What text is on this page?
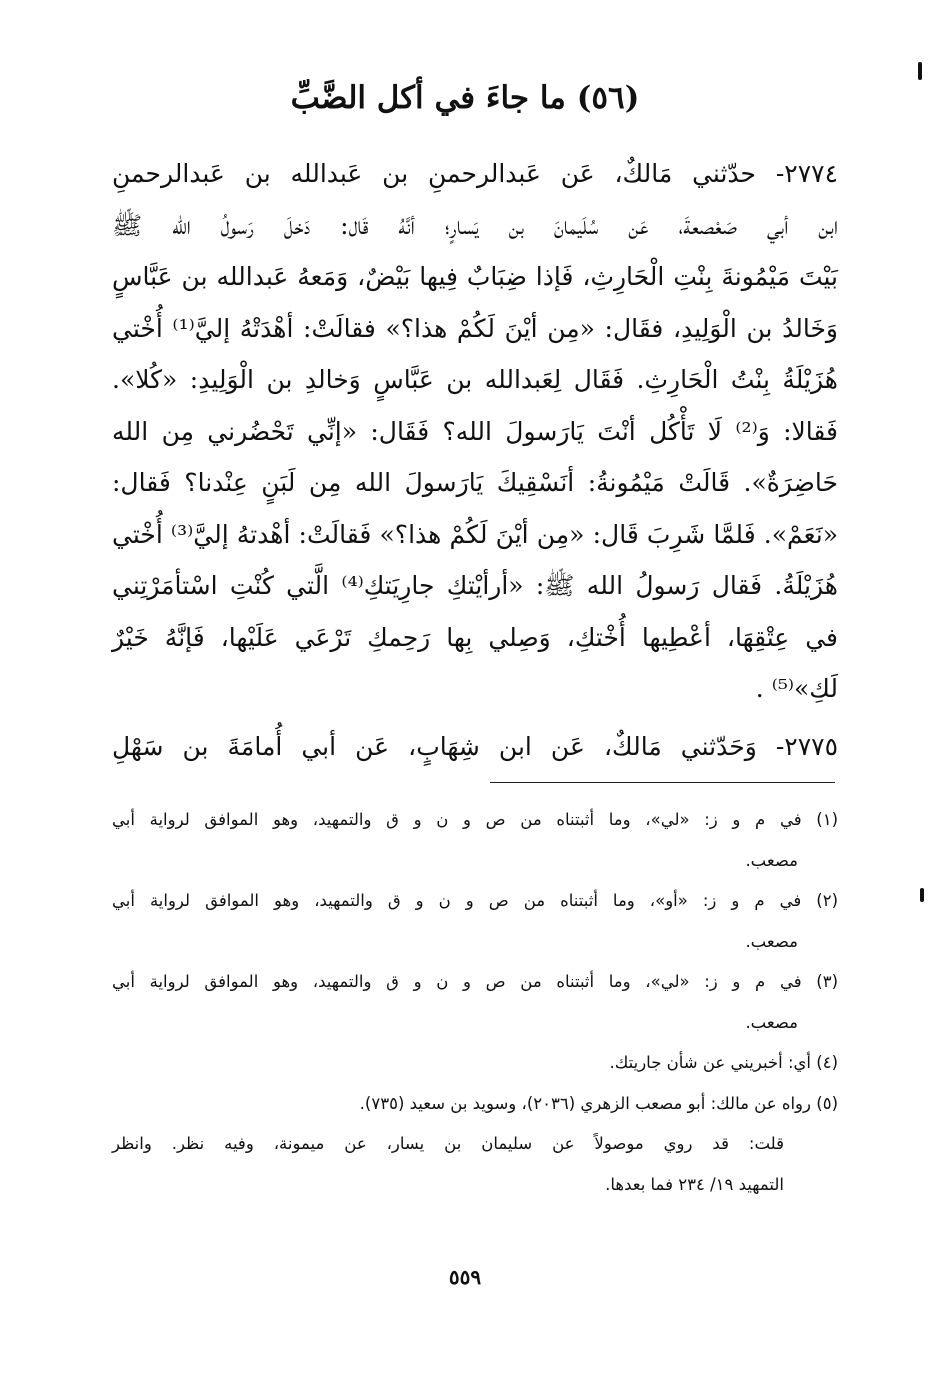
(٥٦) ما جاءَ في أكل الضَّبِّ
٢٧٧٤- حدّثني مَالكٌ، عَن عَبدالرحمنِ بن عَبدالله بن عَبدالرحمنِ
ابن أبي صَعْصعةَ، عَن سُلَيمانَ بن يَسارٍ؛ أنَّهُ قَال: دَخلَ رَسولُ الله ﷺ
بَيْتَ مَيْمُونةَ بِنْتِ الْحَارِثِ، فَإذا ضِبَابٌ فِيها بَيْضٌ، وَمَعهُ عَبدالله بن عَبَّاسٍ
وَخَالدُ بن الْوَلِيدِ، فقَال: «مِن أيْنَ لَكُمْ هذا؟» فقالَتْ: أهْدَتْهُ إليَّ⁽¹⁾ أُخْتي
هُزَيْلَةُ بِنْتُ الْحَارِثِ. فَقَال لِعَبدالله بن عَبَّاسٍ وَخالدِ بن الْوَلِيدِ: «كُلا».
فَقالا: وَ⁽²⁾ لَا تَأْكُل أنْتَ يَارَسولَ الله؟ فَقَال: «إنِّي تَحْضُرني مِن الله
حَاضِرَةٌ». قَالَتْ مَيْمُونةُ: أنَسْقِيكَ يَارَسولَ الله مِن لَبَنٍ عِنْدنا؟ فَقال:
«نَعَمْ». فَلمَّا شَرِبَ قَال: «مِن أيْنَ لَكُمْ هذا؟» فَقالَتْ: أهْدتهُ إليَّ⁽³⁾ أُخْتي
هُزَيْلَةُ. فَقال رَسولُ الله ﷺ: «أرأيْتكِ جارِيَتكِ⁽⁴⁾ الَّتي كُنْتِ اسْتأمَرْتِني
في عِتْقِهَا، أعْطِيها أُخْتكِ، وَصِلي بِها رَحِمكِ تَرْعَي عَلَيْها، فَإنَّهُ خَيْرٌ
لَكِ»⁽⁵⁾ .
٢٧٧٥- وَحَدّثني مَالكٌ، عَن ابن شِهَابٍ، عَن أبي أُمامَةَ بن سَهْلِ
(١) في م و ز: «لي»، وما أثبتناه من ص و ن و ق والتمهيد، وهو الموافق لرواية أبي
مصعب.
(٢) في م و ز: «أو»، وما أثبتناه من ص و ن و ق والتمهيد، وهو الموافق لرواية أبي
مصعب.
(٣) في م و ز: «لي»، وما أثبتناه من ص و ن و ق والتمهيد، وهو الموافق لرواية أبي
مصعب.
(٤) أي: أخبريني عن شأن جاريتك.
(٥) رواه عن مالك: أبو مصعب الزهري (٢٠٣٦)، وسويد بن سعيد (٧٣٥).
قلت: قد روي موصولاً عن سليمان بن يسار، عن ميمونة، وفيه نظر. وانظر
التمهيد ١٩/ ٢٣٤ فما بعدها.
٥٥٩
